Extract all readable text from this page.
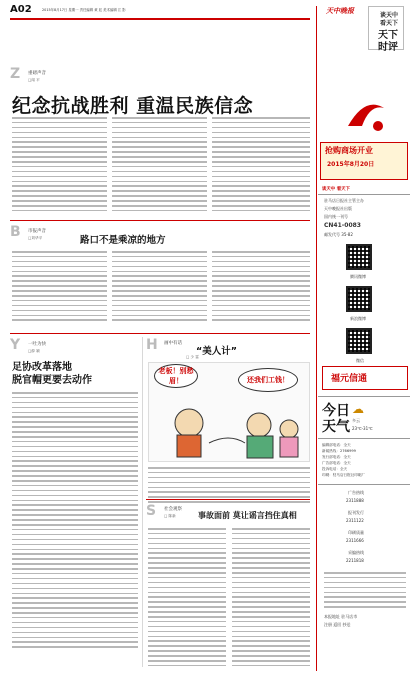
A02	2015年8月17日 星期一 责任编辑 黄 虹 美术编辑 江 影	天中晚报
谈天中
看天下
天下
时评
Z 重磅声音
□闻 平
纪念抗战胜利 重温民族信念
B 市报声音
□刘华平	路口不是乘凉的地方
Y 一吐为快
□薛 颖
足协改革落地
脱官帽更要去动作
H 画中有话
□ 少 雷
“美人计”
老板！别愁眉！	还我们工钱！
S 社会观察
□ 陈新	事故面前 莫让谣言挡住真相
抢购商场开业
2015年8月20日
谈天中 看天下
驻马店日报社主管主办
天中晚报社出版
国内统一刊号
CN41-0083
邮发代号 35-82
腾讯微博
新浪微博
微信
福元信通
今日
天气
☁
多云
23℃-31℃
编辑部电话：全天
新闻热线：2766999
发行部电话：全天
广告部电话：全天
投诉电话：全天
印刷：驻马店日报社印刷厂
广告热线
2311888
报刊发行
2311122
印刷质量
2311666
采编热线
2211818
本报地址 驻马店市
注册 返回 抄送
